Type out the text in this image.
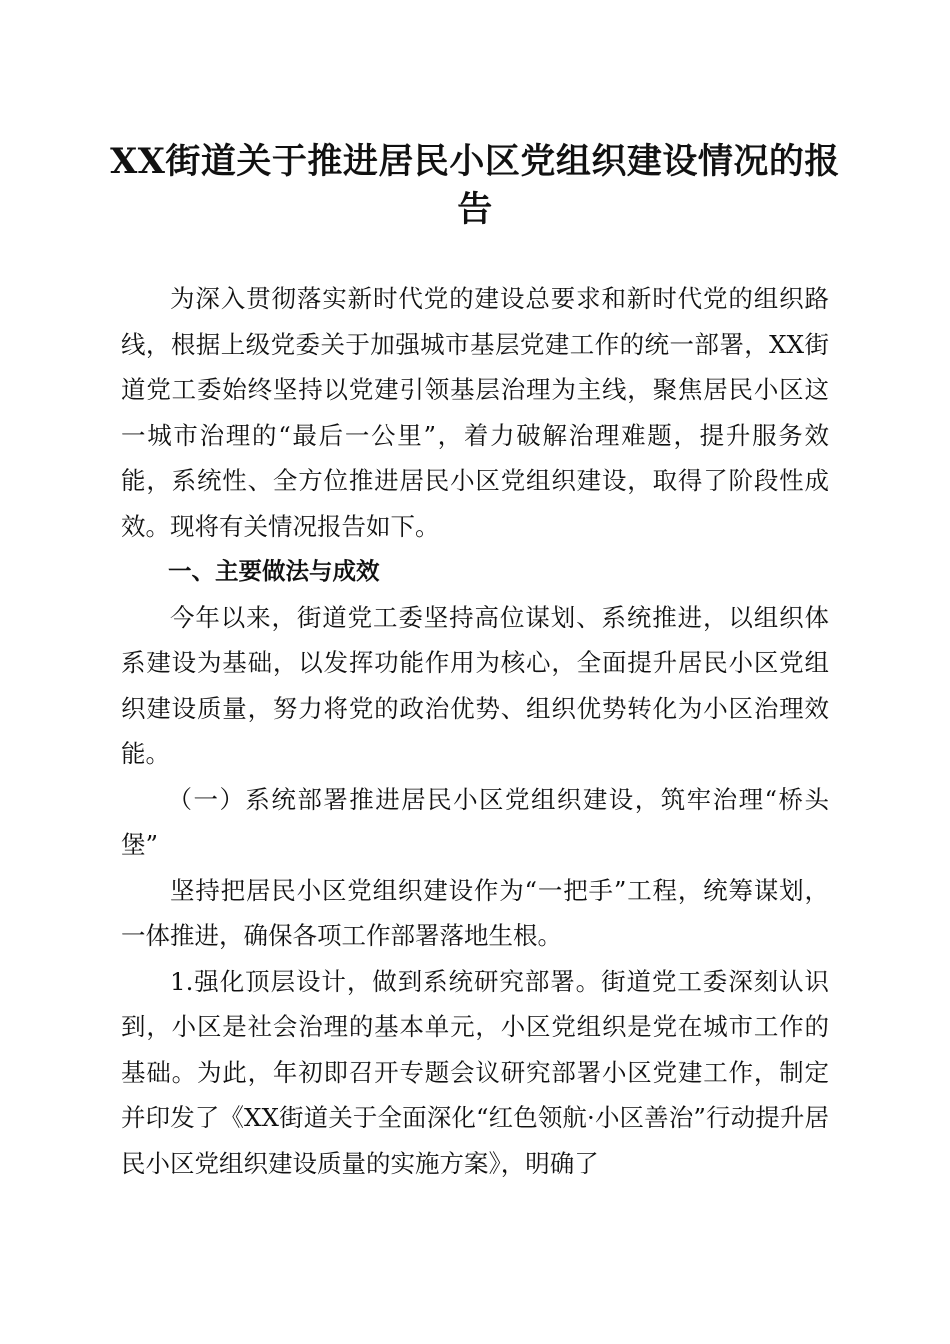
XX街道关于推进居民小区党组织建设情况的报告

为深入贯彻落实新时代党的建设总要求和新时代党的组织路线，根据上级党委关于加强城市基层党建工作的统一部署，XX街道党工委始终坚持以党建引领基层治理为主线，聚焦居民小区这一城市治理的“最后一公里”，着力破解治理难题，提升服务效能，系统性、全方位推进居民小区党组织建设，取得了阶段性成效。现将有关情况报告如下。

一、主要做法与成效

今年以来，街道党工委坚持高位谋划、系统推进，以组织体系建设为基础，以发挥功能作用为核心，全面提升居民小区党组织建设质量，努力将党的政治优势、组织优势转化为小区治理效能。

（一）系统部署推进居民小区党组织建设，筑牢治理“桥头堡”

坚持把居民小区党组织建设作为“一把手”工程，统筹谋划，一体推进，确保各项工作部署落地生根。

1.强化顶层设计，做到系统研究部署。街道党工委深刻认识到，小区是社会治理的基本单元，小区党组织是党在城市工作的基础。为此，年初即召开专题会议研究部署小区党建工作，制定并印发了《XX街道关于全面深化“红色领航·小区善治”行动提升居民小区党组织建设质量的实施方案》，明确了
